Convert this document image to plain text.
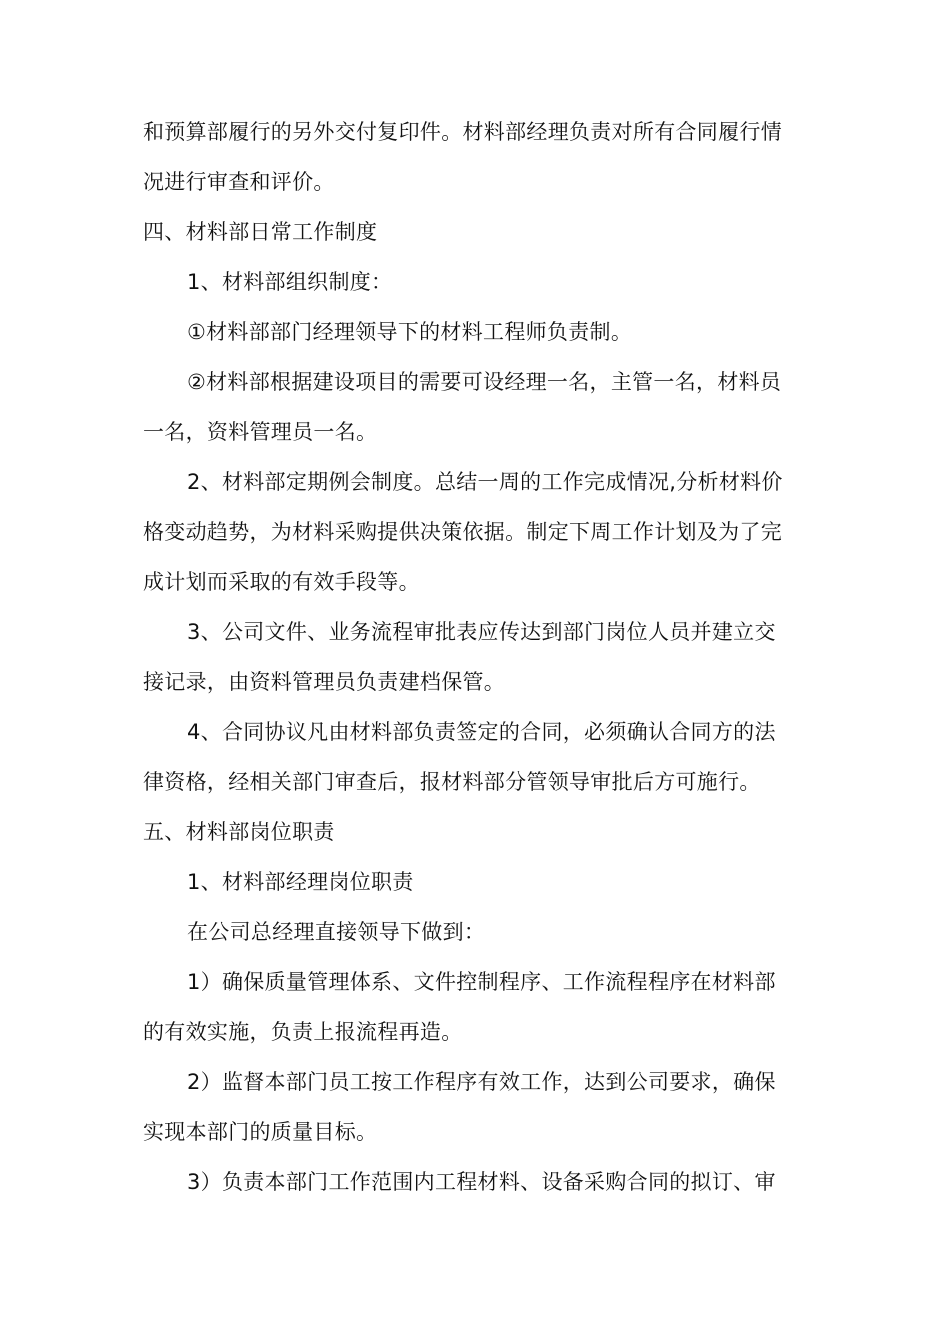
和预算部履行的另外交付复印件。材料部经理负责对所有合同履行情
况进行审查和评价。
四、材料部日常工作制度
1、材料部组织制度：
①材料部部门经理领导下的材料工程师负责制。
②材料部根据建设项目的需要可设经理一名，主管一名，材料员
一名，资料管理员一名。
2、材料部定期例会制度。总结一周的工作完成情况,分析材料价
格变动趋势，为材料采购提供决策依据。制定下周工作计划及为了完
成计划而采取的有效手段等。
3、公司文件、业务流程审批表应传达到部门岗位人员并建立交
接记录，由资料管理员负责建档保管。
4、合同协议凡由材料部负责签定的合同，必须确认合同方的法
律资格，经相关部门审查后，报材料部分管领导审批后方可施行。
五、材料部岗位职责
1、材料部经理岗位职责
在公司总经理直接领导下做到：
1）确保质量管理体系、文件控制程序、工作流程程序在材料部
的有效实施，负责上报流程再造。
2）监督本部门员工按工作程序有效工作，达到公司要求，确保
实现本部门的质量目标。
3）负责本部门工作范围内工程材料、设备采购合同的拟订、审
